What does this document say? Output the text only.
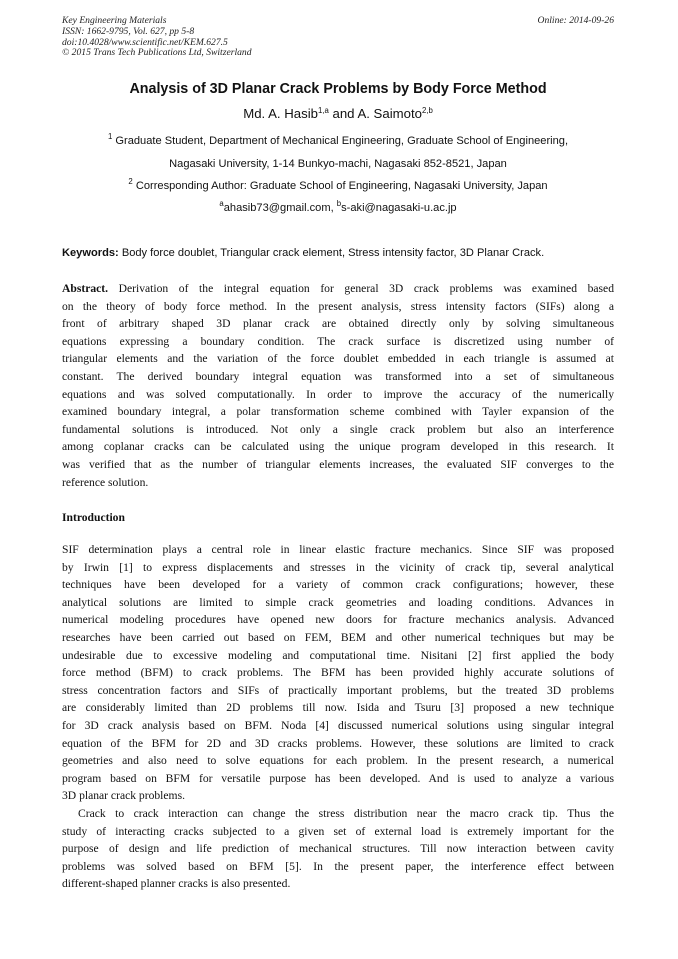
Key Engineering Materials
ISSN: 1662-9795, Vol. 627, pp 5-8
doi:10.4028/www.scientific.net/KEM.627.5
© 2015 Trans Tech Publications Ltd, Switzerland
Online: 2014-09-26
Analysis of 3D Planar Crack Problems by Body Force Method
Md. A. Hasib$^{1,a}$ and A. Saimoto$^{2,b}$
$^1$ Graduate Student, Department of Mechanical Engineering, Graduate School of Engineering,
Nagasaki University, 1-14 Bunkyo-machi, Nagasaki 852-8521, Japan
$^2$ Corresponding Author: Graduate School of Engineering, Nagasaki University, Japan
$^a$ahasib73@gmail.com, $^b$s-aki@nagasaki-u.ac.jp
Keywords: Body force doublet, Triangular crack element, Stress intensity factor, 3D Planar Crack.
Abstract. Derivation of the integral equation for general 3D crack problems was examined based
on the theory of body force method. In the present analysis, stress intensity factors (SIFs) along a
front of arbitrary shaped 3D planar crack are obtained directly only by solving simultaneous
equations expressing a boundary condition. The crack surface is discretized using number of
triangular elements and the variation of the force doublet embedded in each triangle is assumed at
constant. The derived boundary integral equation was transformed into a set of simultaneous
equations and was solved computationally. In order to improve the accuracy of the numerically
examined boundary integral, a polar transformation scheme combined with Tayler expansion of the
fundamental solutions is introduced. Not only a single crack problem but also an interference
among coplanar cracks can be calculated using the unique program developed in this research. It
was verified that as the number of triangular elements increases, the evaluated SIF converges to the
reference solution.
Introduction
SIF determination plays a central role in linear elastic fracture mechanics. Since SIF was proposed
by Irwin [1] to express displacements and stresses in the vicinity of crack tip, several analytical
techniques have been developed for a variety of common crack configurations; however, these
analytical solutions are limited to simple crack geometries and loading conditions. Advances in
numerical modeling procedures have opened new doors for fracture mechanics analysis. Advanced
researches have been carried out based on FEM, BEM and other numerical techniques but may be
undesirable due to excessive modeling and computational time. Nisitani [2] first applied the body
force method (BFM) to crack problems. The BFM has been provided highly accurate solutions of
stress concentration factors and SIFs of practically important problems, but the treated 3D problems
are considerably limited than 2D problems till now. Isida and Tsuru [3] proposed a new technique
for 3D crack analysis based on BFM. Noda [4] discussed numerical solutions using singular integral
equation of the BFM for 2D and 3D cracks problems. However, these solutions are limited to crack
geometries and also need to solve equations for each problem. In the present research, a numerical
program based on BFM for versatile purpose has been developed. And is used to analyze a various
3D planar crack problems.
Crack to crack interaction can change the stress distribution near the macro crack tip. Thus the
study of interacting cracks subjected to a given set of external load is extremely important for the
purpose of design and life prediction of mechanical structures. Till now interaction between cavity
problems was solved based on BFM [5]. In the present paper, the interference effect between
different-shaped planner cracks is also presented.
